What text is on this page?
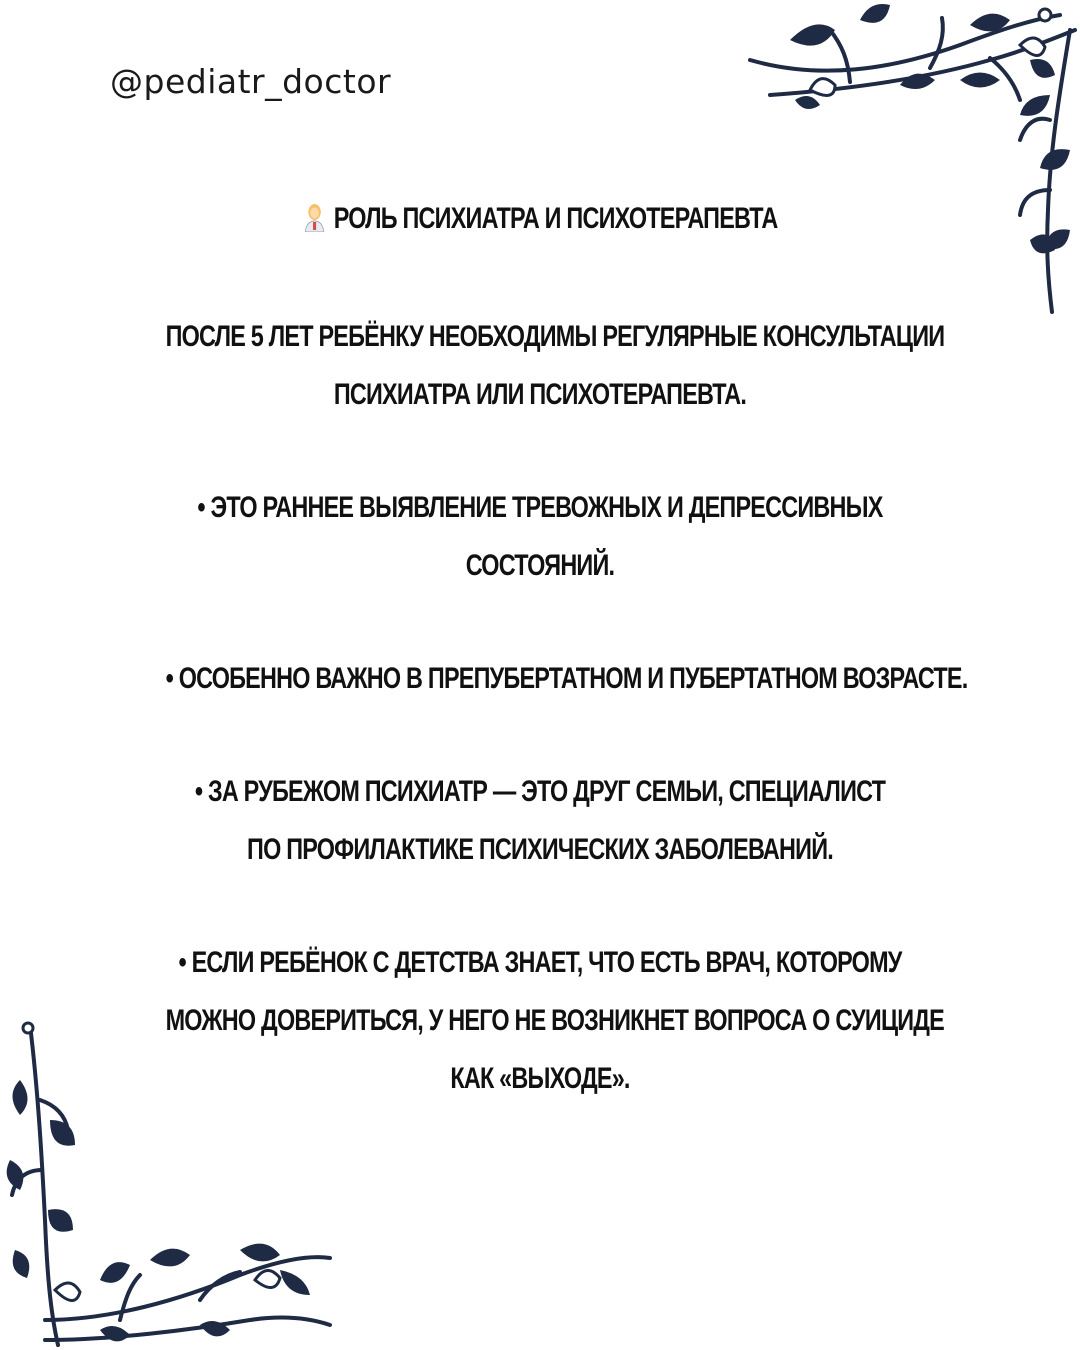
@pediatr_doctor
РОЛЬ ПСИХИАТРА И ПСИХОТЕРАПЕВТА
ПОСЛЕ 5 ЛЕТ РЕБЁНКУ НЕОБХОДИМЫ РЕГУЛЯРНЫЕ КОНСУЛЬТАЦИИ
ПСИХИАТРА ИЛИ ПСИХОТЕРАПЕВТА.
• ЭТО РАННЕЕ ВЫЯВЛЕНИЕ ТРЕВОЖНЫХ И ДЕПРЕССИВНЫХ
СОСТОЯНИЙ.
• ОСОБЕННО ВАЖНО В ПРЕПУБЕРТАТНОМ И ПУБЕРТАТНОМ ВОЗРАСТЕ.
• ЗА РУБЕЖОМ ПСИХИАТР — ЭТО ДРУГ СЕМЬИ, СПЕЦИАЛИСТ
ПО ПРОФИЛАКТИКЕ ПСИХИЧЕСКИХ ЗАБОЛЕВАНИЙ.
• ЕСЛИ РЕБЁНОК С ДЕТСТВА ЗНАЕТ, ЧТО ЕСТЬ ВРАЧ, КОТОРОМУ
МОЖНО ДОВЕРИТЬСЯ, У НЕГО НЕ ВОЗНИКНЕТ ВОПРОСА О СУИЦИДЕ
КАК «ВЫХОДЕ».
